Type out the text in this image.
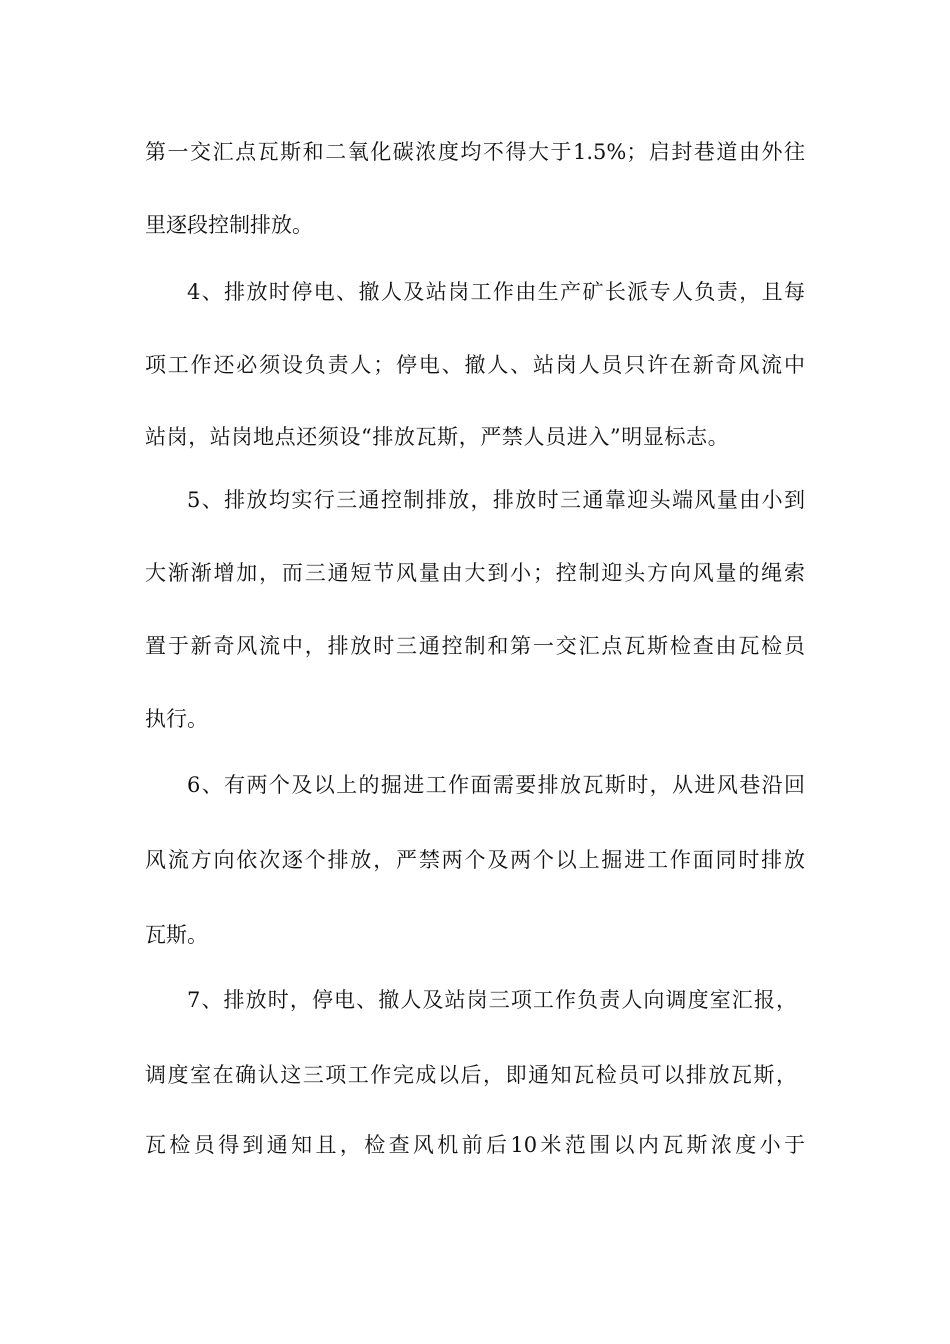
第一交汇点瓦斯和二氧化碳浓度均不得大于1.5%；启封巷道由外往
里逐段控制排放。
4、排放时停电、撤人及站岗工作由生产矿长派专人负责，且每
项工作还必须设负责人；停电、撤人、站岗人员只许在新奇风流中
站岗，站岗地点还须设“排放瓦斯，严禁人员进入”明显标志。
5、排放均实行三通控制排放，排放时三通靠迎头端风量由小到
大渐渐增加，而三通短节风量由大到小；控制迎头方向风量的绳索
置于新奇风流中，排放时三通控制和第一交汇点瓦斯检查由瓦检员
执行。
6、有两个及以上的掘进工作面需要排放瓦斯时，从进风巷沿回
风流方向依次逐个排放，严禁两个及两个以上掘进工作面同时排放
瓦斯。
7、排放时，停电、撤人及站岗三项工作负责人向调度室汇报，
调度室在确认这三项工作完成以后，即通知瓦检员可以排放瓦斯，
瓦检员得到通知且，检查风机前后10米范围以内瓦斯浓度小于
